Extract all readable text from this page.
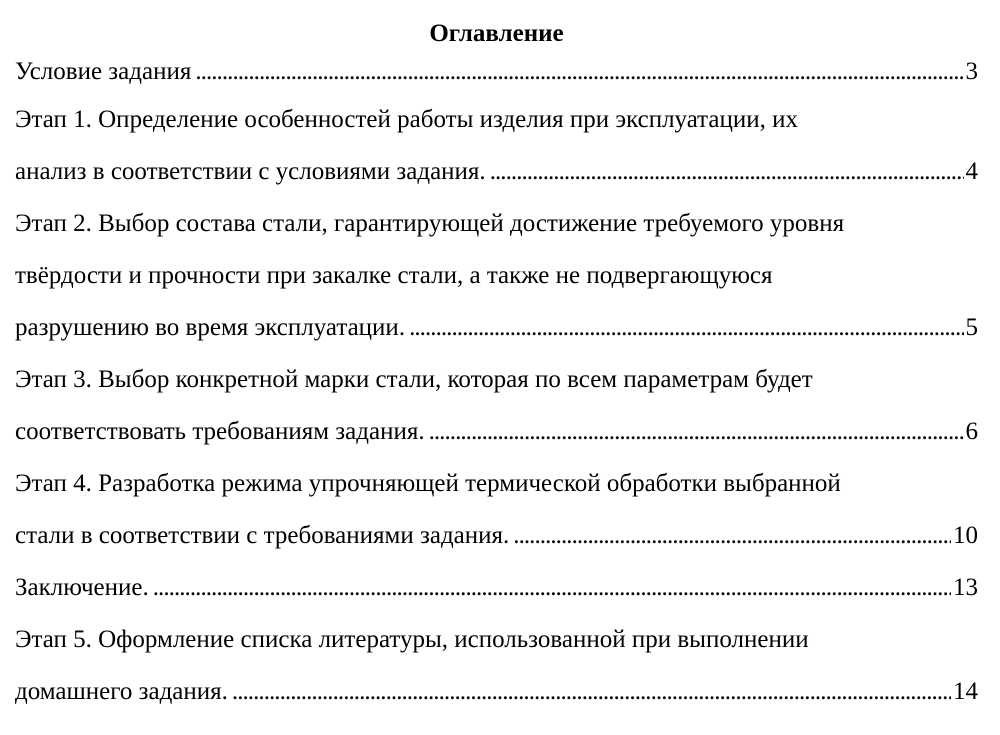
Оглавление
Условие задания . . .	3
Этап 1. Определение особенностей работы изделия при эксплуатации, их
анализ в соответствии с условиями задания. . . .	4
Этап 2. Выбор состава стали, гарантирующей достижение требуемого уровня
твёрдости и прочности при закалке стали, а также не подвергающуюся
разрушению во время эксплуатации. . . .	5
Этап 3. Выбор конкретной марки стали, которая по всем параметрам будет
соответствовать требованиям задания. . . .	6
Этап 4. Разработка режима упрочняющей термической обработки выбранной
стали в соответствии с требованиями задания. . . .	10
Заключение. . . .	13
Этап 5. Оформление списка литературы, использованной при выполнении
домашнего задания. . . .	14
